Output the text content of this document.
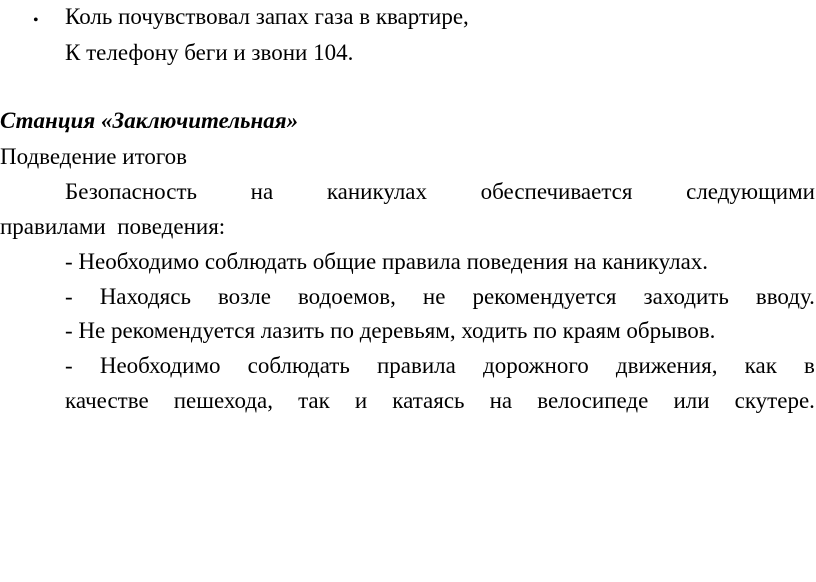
• Коль почувствовал запах газа в квартире,
К телефону беги и звони 104.
Станция «Заключительная»
Подведение итогов
Безопасность на каникулах обеспечивается следующими
правилами  поведения:
- Необходимо соблюдать общие правила поведения на каникулах.
- Находясь возле водоемов, не рекомендуется заходить вводу.
- Не рекомендуется лазить по деревьям, ходить по краям обрывов.
- Необходимо соблюдать правила дорожного движения, как в
качестве пешехода, так и катаясь на велосипеде или скутере.
